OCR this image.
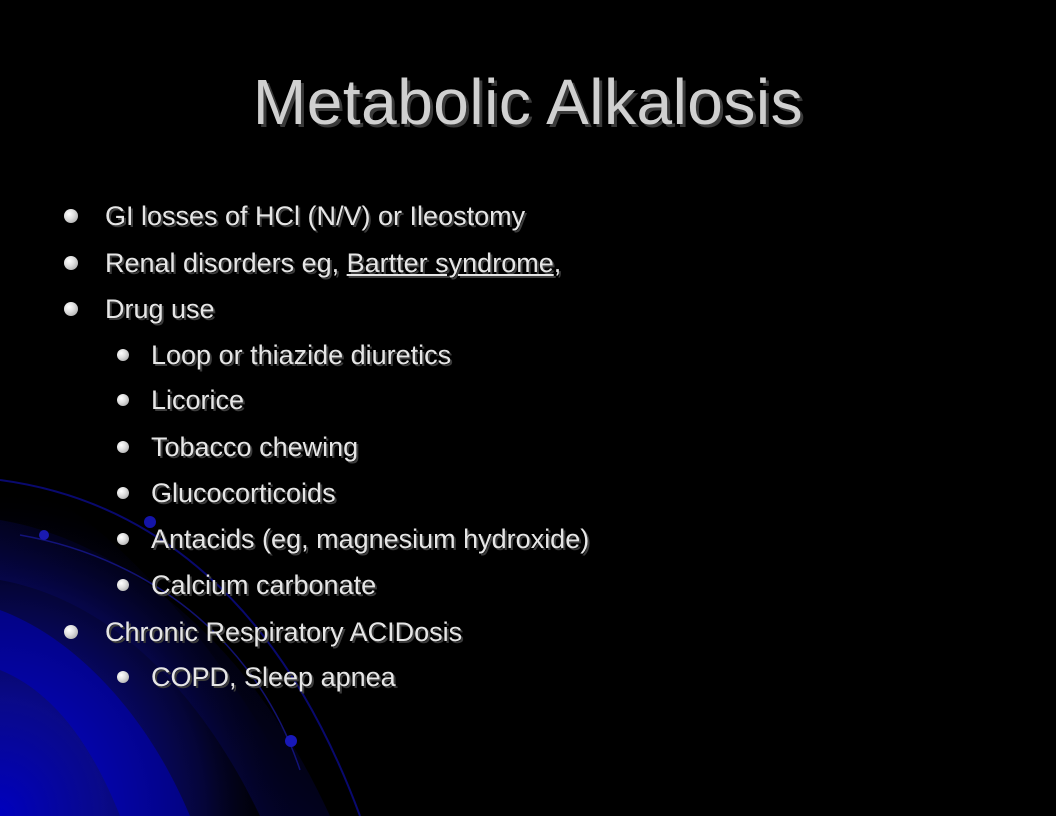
Metabolic Alkalosis
GI losses of HCl (N/V) or Ileostomy
Renal disorders eg, Bartter syndrome,
Drug use
Loop or thiazide diuretics
Licorice
Tobacco chewing
Glucocorticoids
Antacids (eg, magnesium hydroxide)
Calcium carbonate
Chronic Respiratory ACIDosis
COPD, Sleep apnea
